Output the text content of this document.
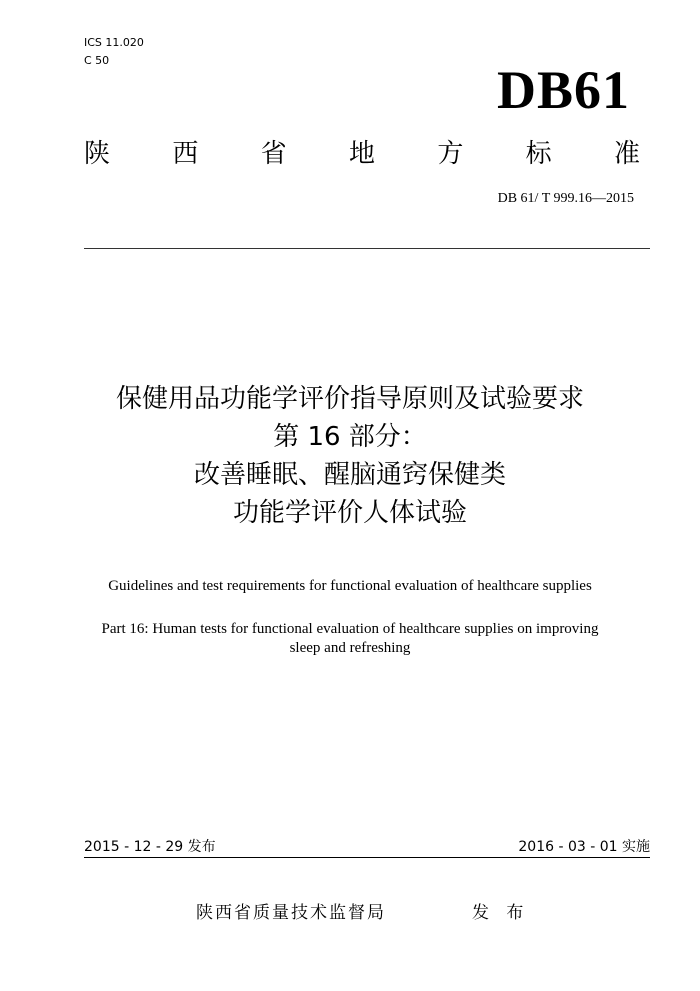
ICS 11.020
C 50	DB61
陕 西 省 地 方 标 准
DB 61/ T 999.16—2015
保健用品功能学评价指导原则及试验要求
第 16 部分：
改善睡眠、醒脑通窍保健类
功能学评价人体试验
Guidelines and test requirements for functional evaluation of healthcare supplies
Part 16: Human tests for functional evaluation of healthcare supplies on improving
sleep and refreshing
2015 - 12 - 29 发布	2016 - 03 - 01 实施
陕西省质量技术监督局	发 布
